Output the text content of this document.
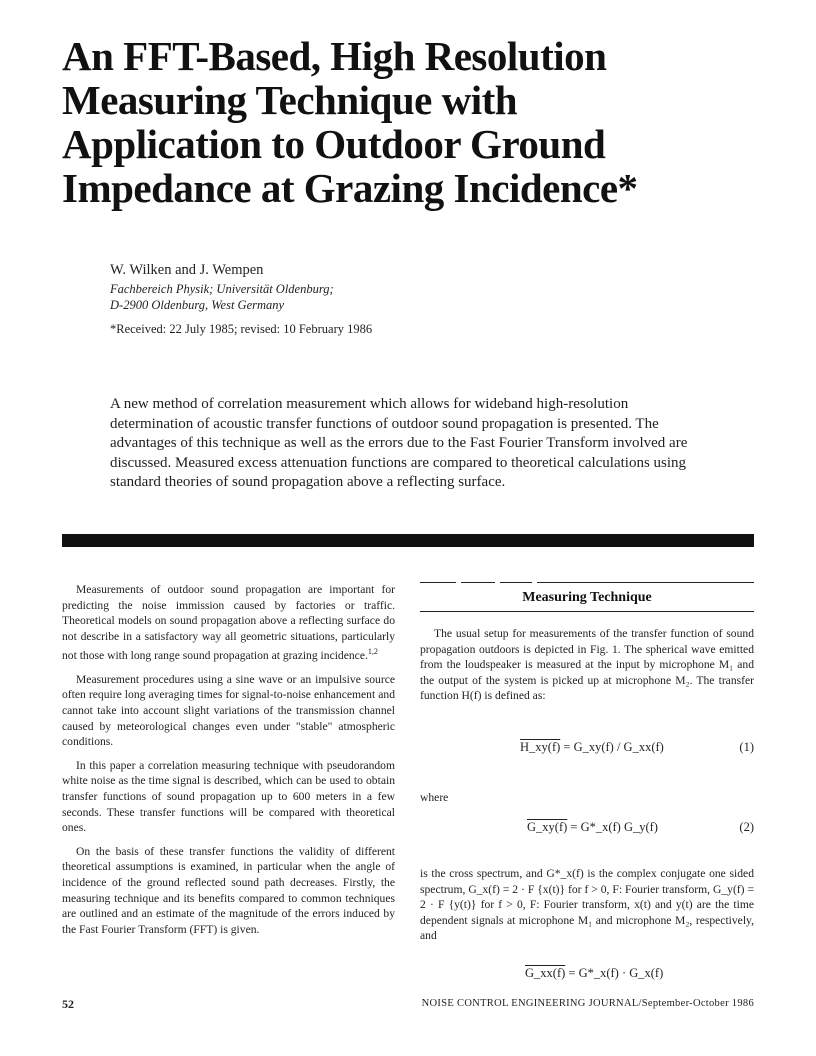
An FFT-Based, High Resolution
Measuring Technique with
Application to Outdoor Ground
Impedance at Grazing Incidence*
W. Wilken and J. Wempen
Fachbereich Physik; Universität Oldenburg;
D-2900 Oldenburg, West Germany
*Received: 22 July 1985; revised: 10 February 1986
A new method of correlation measurement which allows for wideband high-resolution determination of acoustic transfer functions of outdoor sound propagation is presented. The advantages of this technique as well as the errors due to the Fast Fourier Transform involved are discussed. Measured excess attenuation functions are compared to theoretical calculations using standard theories of sound propagation above a reflecting surface.

Measurements of outdoor sound propagation are important for predicting the noise immission caused by factories or traffic. Theoretical models on sound propagation above a reflecting surface do not describe in a satisfactory way all geometric situations, particularly not those with long range sound propagation at grazing incidence.$^{1,2}$

Measurement procedures using a sine wave or an impulsive source often require long averaging times for signal-to-noise enhancement and cannot take into account slight variations of the transmission channel caused by meteorological changes even under "stable" atmospheric conditions.

In this paper a correlation measuring technique with pseudorandom white noise as the time signal is described, which can be used to obtain transfer functions of sound propagation up to 600 meters in a few seconds. These transfer functions will be compared with theoretical ones.

On the basis of these transfer functions the validity of different theoretical assumptions is examined, in particular when the angle of incidence of the ground reflected sound path decreases. Firstly, the measuring technique and its benefits compared to common techniques are outlined and an estimate of the magnitude of the errors induced by the Fast Fourier Transform (FFT) is given.

Measuring Technique

The usual setup for measurements of the transfer function of sound propagation outdoors is depicted in Fig. 1. The spherical wave emitted from the loudspeaker is measured at the input by microphone M₁ and the output of the system is picked up at microphone M₂. The transfer function H(f) is defined as:

H_xy(f) = G_xy(f) / G_xx(f)	(1)
where
G_xy(f) = G*_x(f) G_y(f)	(2)

is the cross spectrum, and G*_x(f) is the complex conjugate one sided spectrum, G_x(f) = 2 · F {x(t)} for f > 0, F: Fourier transform, G_y(f) = 2 · F {y(t)} for f > 0, F: Fourier transform, x(t) and y(t) are the time dependent signals at microphone M₁ and microphone M₂, respectively, and

G_xx(f) = G*_x(f) · G_x(f)
52	NOISE CONTROL ENGINEERING JOURNAL/September-October 1986
